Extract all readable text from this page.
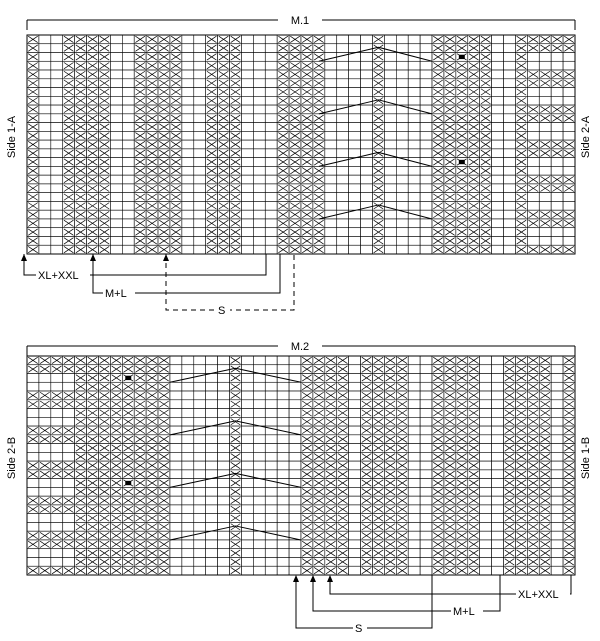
M.1
Side 1-A	Side 2-A
XL+XXL
M+L
S
M.2
Side 2-B	Side 1-B
XL+XXL
M+L
S
